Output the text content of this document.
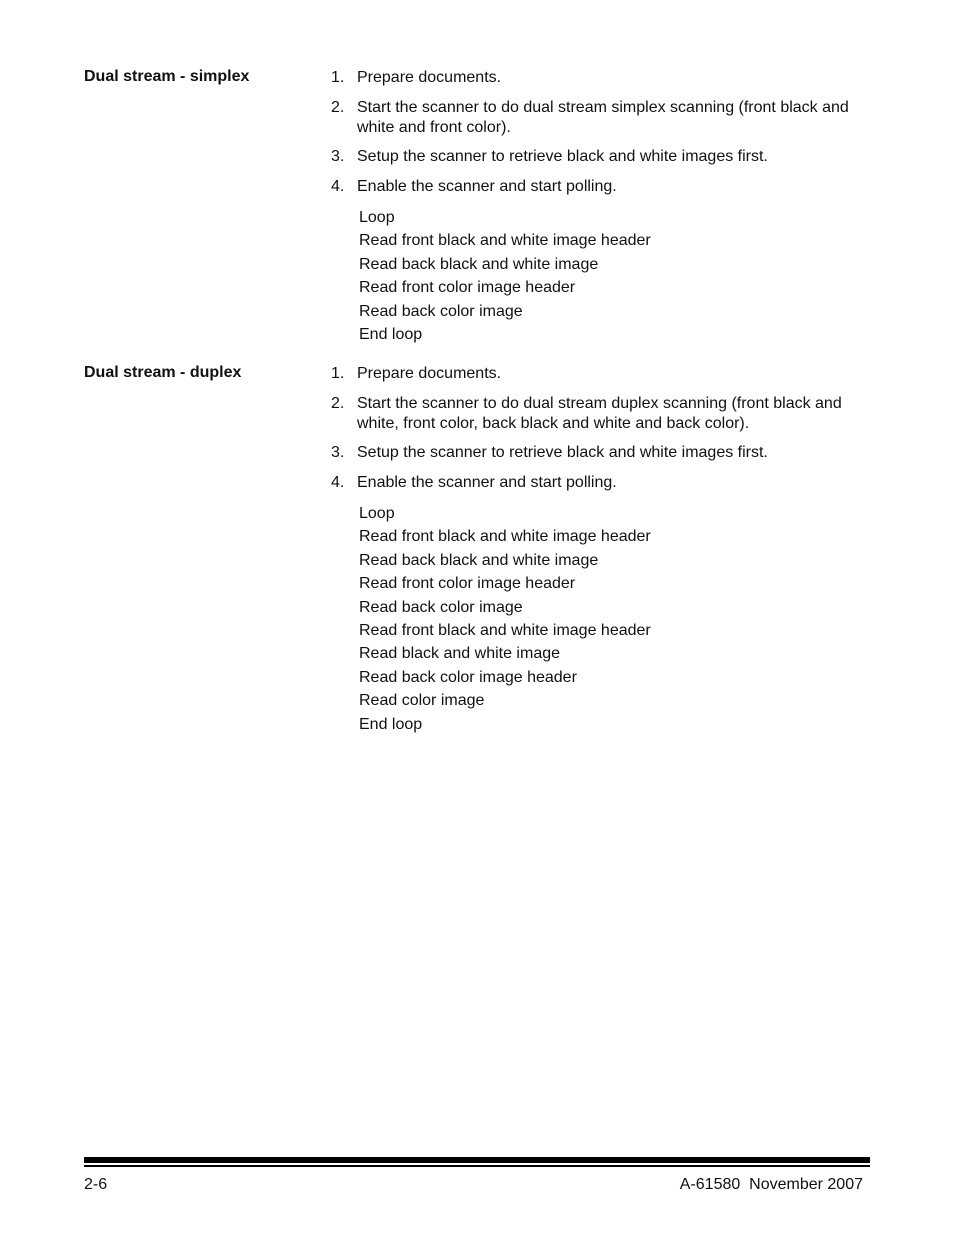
Dual stream - simplex	1. Prepare documents.
2. Start the scanner to do dual stream simplex scanning (front black and white and front color).
3. Setup the scanner to retrieve black and white images first.
4. Enable the scanner and start polling.
Loop
Read front black and white image header
Read back black and white image
Read front color image header
Read back color image
End loop
Dual stream - duplex	1. Prepare documents.
2. Start the scanner to do dual stream duplex scanning (front black and white, front color, back black and white and back color).
3. Setup the scanner to retrieve black and white images first.
4. Enable the scanner and start polling.
Loop
Read front black and white image header
Read back black and white image
Read front color image header
Read back color image
Read front black and white image header
Read black and white image
Read back color image header
Read color image
End loop
2-6	A-61580  November 2007
